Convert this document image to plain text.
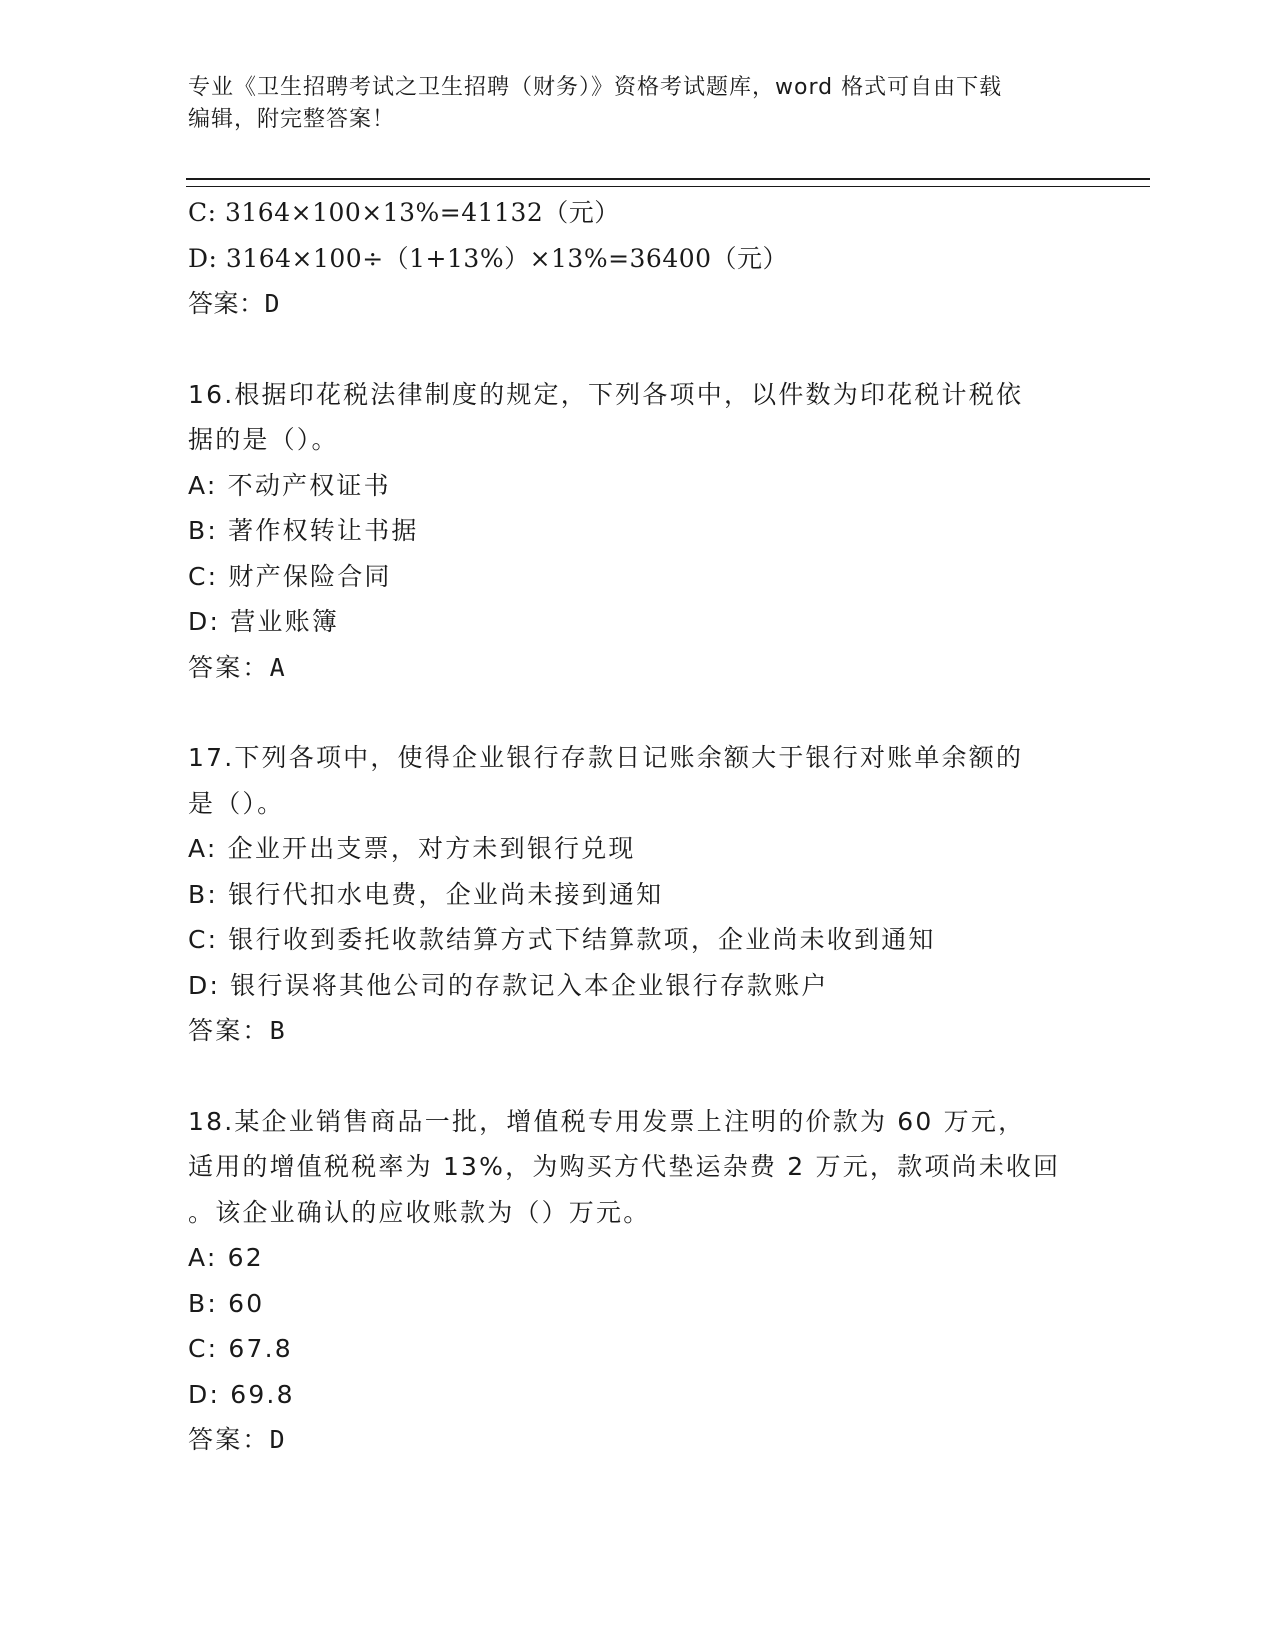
专业《卫生招聘考试之卫生招聘（财务）》资格考试题库，word 格式可自由下载
编辑，附完整答案！
C: 3164×100×13%=41132（元）
D: 3164×100÷（1+13%）×13%=36400（元）
答案：D
16.根据印花税法律制度的规定，下列各项中，以件数为印花税计税依
据的是（）。
A: 不动产权证书
B: 著作权转让书据
C: 财产保险合同
D: 营业账簿
答案：A
17.下列各项中，使得企业银行存款日记账余额大于银行对账单余额的
是（）。
A: 企业开出支票，对方未到银行兑现
B: 银行代扣水电费，企业尚未接到通知
C: 银行收到委托收款结算方式下结算款项，企业尚未收到通知
D: 银行误将其他公司的存款记入本企业银行存款账户
答案：B
18.某企业销售商品一批，增值税专用发票上注明的价款为 60 万元，
适用的增值税税率为 13%，为购买方代垫运杂费 2 万元，款项尚未收回
。该企业确认的应收账款为（）万元。
A: 62
B: 60
C: 67.8
D: 69.8
答案：D
